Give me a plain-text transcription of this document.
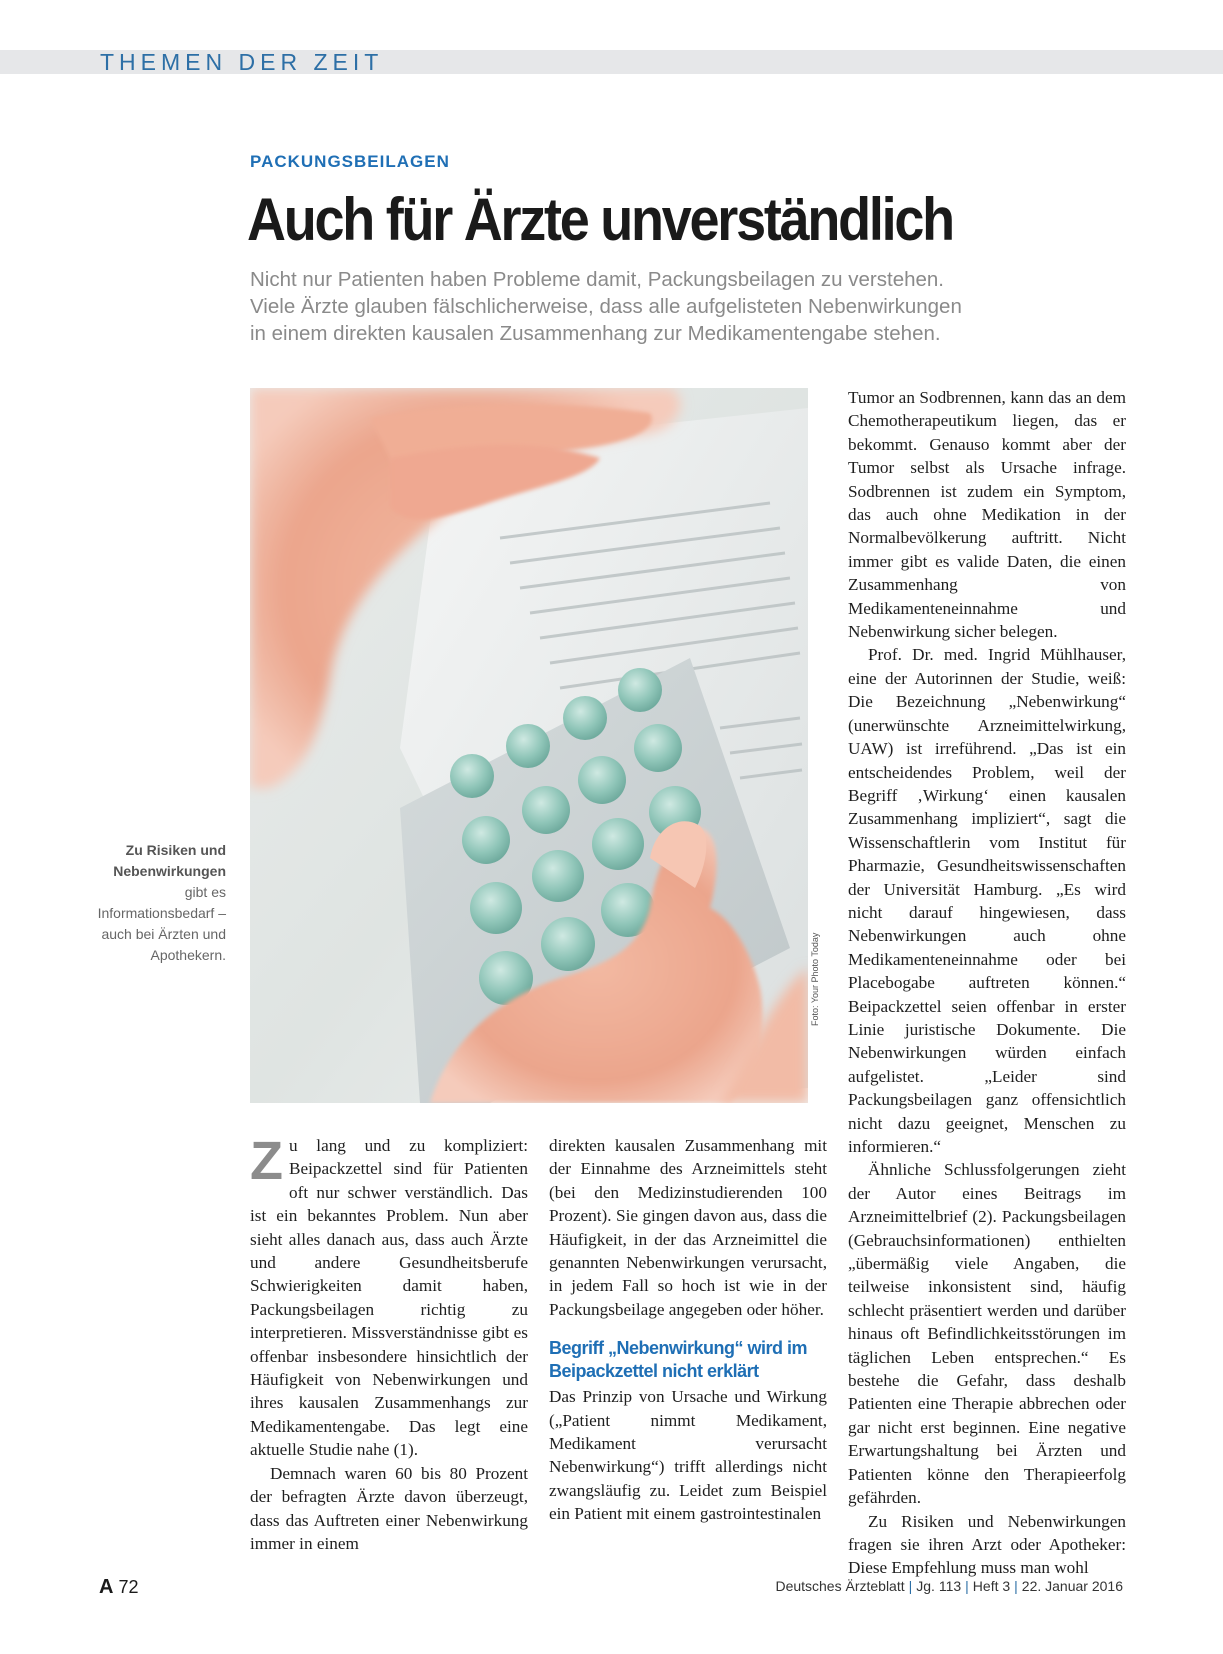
THEMEN DER ZEIT
PACKUNGSBEILAGEN
Auch für Ärzte unverständlich
Nicht nur Patienten haben Probleme damit, Packungsbeilagen zu verstehen.
Viele Ärzte glauben fälschlicherweise, dass alle aufgelisteten Nebenwirkungen
in einem direkten kausalen Zusammenhang zur Medikamentengabe stehen.
Foto: Your Photo Today
Zu Risiken und Nebenwirkungen
gibt es Informationsbedarf – auch bei Ärzten und Apothekern.

Zu lang und zu kompliziert: Beipackzettel sind für Patienten oft nur schwer verständlich. Das ist ein bekanntes Problem. Nun aber sieht alles danach aus, dass auch Ärzte und andere Gesundheitsberufe Schwierigkeiten damit haben, Packungsbeilagen richtig zu interpretieren. Missverständnisse gibt es offenbar insbesondere hinsichtlich der Häufigkeit von Nebenwirkungen und ihres kausalen Zusammenhangs zur Medikamentengabe. Das legt eine aktuelle Studie nahe (1).

Demnach waren 60 bis 80 Prozent der befragten Ärzte davon überzeugt, dass das Auftreten einer Nebenwirkung immer in einem

direkten kausalen Zusammenhang mit der Einnahme des Arzneimittels steht (bei den Medizinstudierenden 100 Prozent). Sie gingen davon aus, dass die Häufigkeit, in der das Arzneimittel die genannten Nebenwirkungen verursacht, in jedem Fall so hoch ist wie in der Packungsbeilage angegeben oder höher.

Begriff „Nebenwirkung“ wird im Beipackzettel nicht erklärt

Das Prinzip von Ursache und Wirkung („Patient nimmt Medikament, Medikament verursacht Nebenwirkung“) trifft allerdings nicht zwangsläufig zu. Leidet zum Beispiel ein Patient mit einem gastrointestinalen

Tumor an Sodbrennen, kann das an dem Chemotherapeutikum liegen, das er bekommt. Genauso kommt aber der Tumor selbst als Ursache infrage. Sodbrennen ist zudem ein Symptom, das auch ohne Medikation in der Normalbevölkerung auftritt. Nicht immer gibt es valide Daten, die einen Zusammenhang von Medikamenteneinnahme und Nebenwirkung sicher belegen.

Prof. Dr. med. Ingrid Mühlhauser, eine der Autorinnen der Studie, weiß: Die Bezeichnung „Nebenwirkung“ (unerwünschte Arzneimittelwirkung, UAW) ist irreführend. „Das ist ein entscheidendes Problem, weil der Begriff ‚Wirkung‘ einen kausalen Zusammenhang impliziert“, sagt die Wissenschaftlerin vom Institut für Pharmazie, Gesundheitswissenschaften der Universität Hamburg. „Es wird nicht darauf hingewiesen, dass Nebenwirkungen auch ohne Medikamenteneinnahme oder bei Placebogabe auftreten können.“ Beipackzettel seien offenbar in erster Linie juristische Dokumente. Die Nebenwirkungen würden einfach aufgelistet. „Leider sind Packungsbeilagen ganz offensichtlich nicht dazu geeignet, Menschen zu informieren.“

Ähnliche Schlussfolgerungen zieht der Autor eines Beitrags im Arzneimittelbrief (2). Packungsbeilagen (Gebrauchsinformationen) enthielten „übermäßig viele Angaben, die teilweise inkonsistent sind, häufig schlecht präsentiert werden und darüber hinaus oft Befindlichkeitsstörungen im täglichen Leben entsprechen.“ Es bestehe die Gefahr, dass deshalb Patienten eine Therapie abbrechen oder gar nicht erst beginnen. Eine negative Erwartungshaltung bei Ärzten und Patienten könne den Therapieerfolg gefährden.

Zu Risiken und Nebenwirkungen fragen sie ihren Arzt oder Apotheker: Diese Empfehlung muss man wohl

A 72	Deutsches Ärzteblatt | Jg. 113 | Heft 3 | 22. Januar 2016
